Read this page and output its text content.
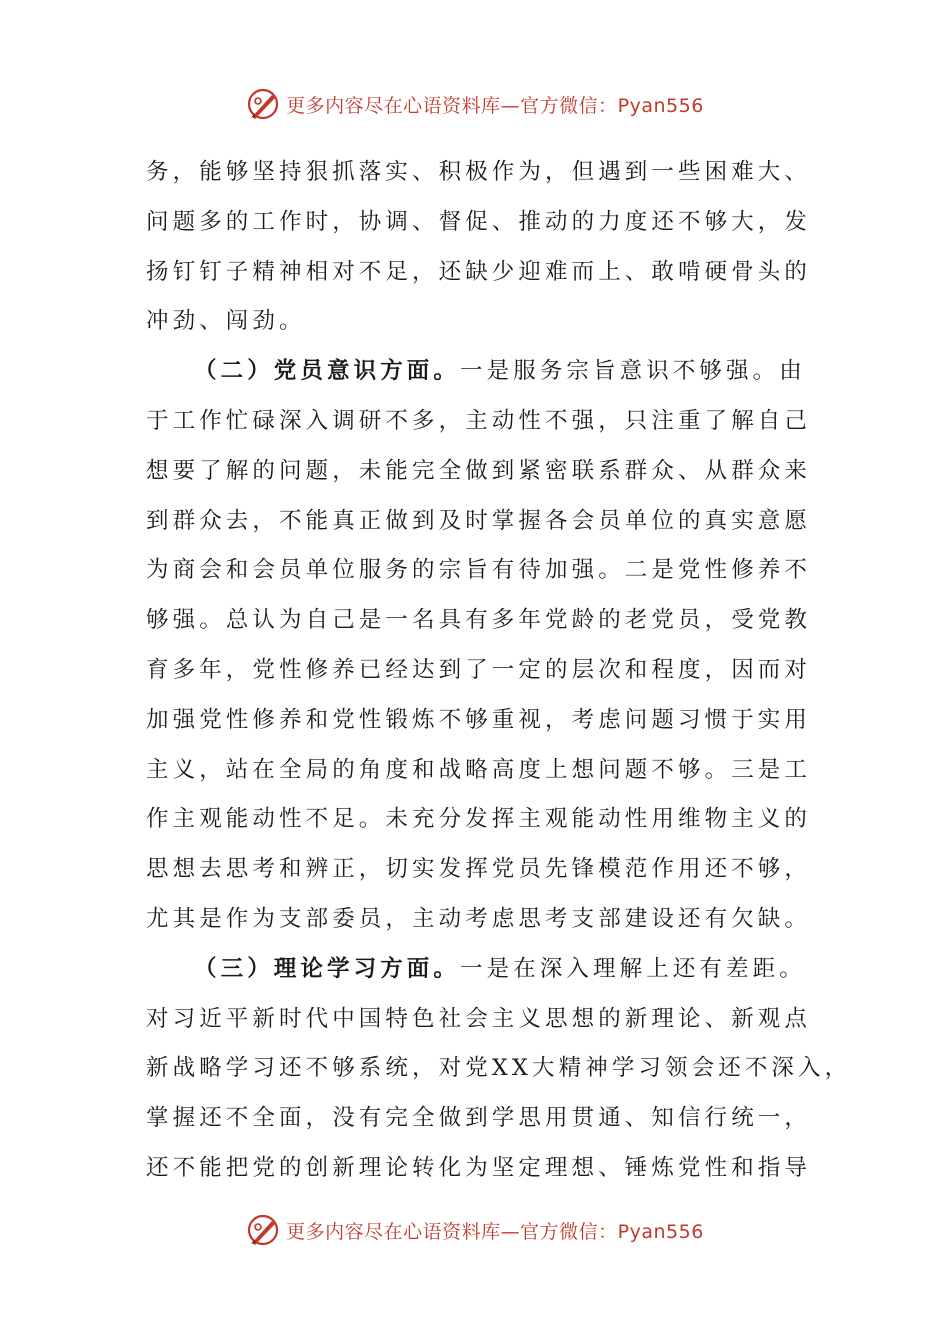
更多内容尽在心语资料库—官方微信：Pyan556
务，能够坚持狠抓落实、积极作为，但遇到一些困难大、
问题多的工作时，协调、督促、推动的力度还不够大，发
扬钉钉子精神相对不足，还缺少迎难而上、敢啃硬骨头的
冲劲、闯劲。
（二）党员意识方面。一是服务宗旨意识不够强。由
于工作忙碌深入调研不多，主动性不强，只注重了解自己
想要了解的问题，未能完全做到紧密联系群众、从群众来
到群众去，不能真正做到及时掌握各会员单位的真实意愿
为商会和会员单位服务的宗旨有待加强。二是党性修养不
够强。总认为自己是一名具有多年党龄的老党员，受党教
育多年，党性修养已经达到了一定的层次和程度，因而对
加强党性修养和党性锻炼不够重视，考虑问题习惯于实用
主义，站在全局的角度和战略高度上想问题不够。三是工
作主观能动性不足。未充分发挥主观能动性用维物主义的
思想去思考和辨正，切实发挥党员先锋模范作用还不够，
尤其是作为支部委员，主动考虑思考支部建设还有欠缺。
（三）理论学习方面。一是在深入理解上还有差距。
对习近平新时代中国特色社会主义思想的新理论、新观点
新战略学习还不够系统，对党XX大精神学习领会还不深入，
掌握还不全面，没有完全做到学思用贯通、知信行统一，
还不能把党的创新理论转化为坚定理想、锤炼党性和指导
更多内容尽在心语资料库—官方微信：Pyan556
